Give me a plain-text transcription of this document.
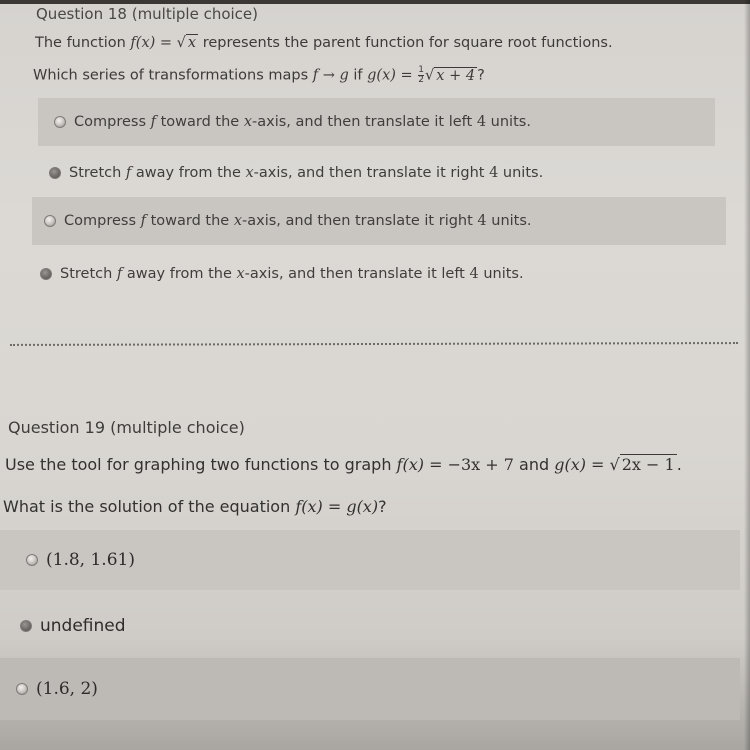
Question 18 (multiple choice)
The function f(x) = √ x represents the parent function for square root functions.
Which series of transformations maps f → g if $g(x) = \frac{1}{2}$ √ x + 4 ?
Compress f toward the x-axis, and then translate it left 4 units.
Stretch f away from the x-axis, and then translate it right 4 units.
Compress f toward the x-axis, and then translate it right 4 units.
Stretch f away from the x-axis, and then translate it left 4 units.
Question 19 (multiple choice)
Use the tool for graphing two functions to graph f(x) = −3x + 7 and g(x) = √ 2x − 1 .
What is the solution of the equation f(x) = g(x)?
(1.8, 1.61)
undefined
(1.6, 2)
